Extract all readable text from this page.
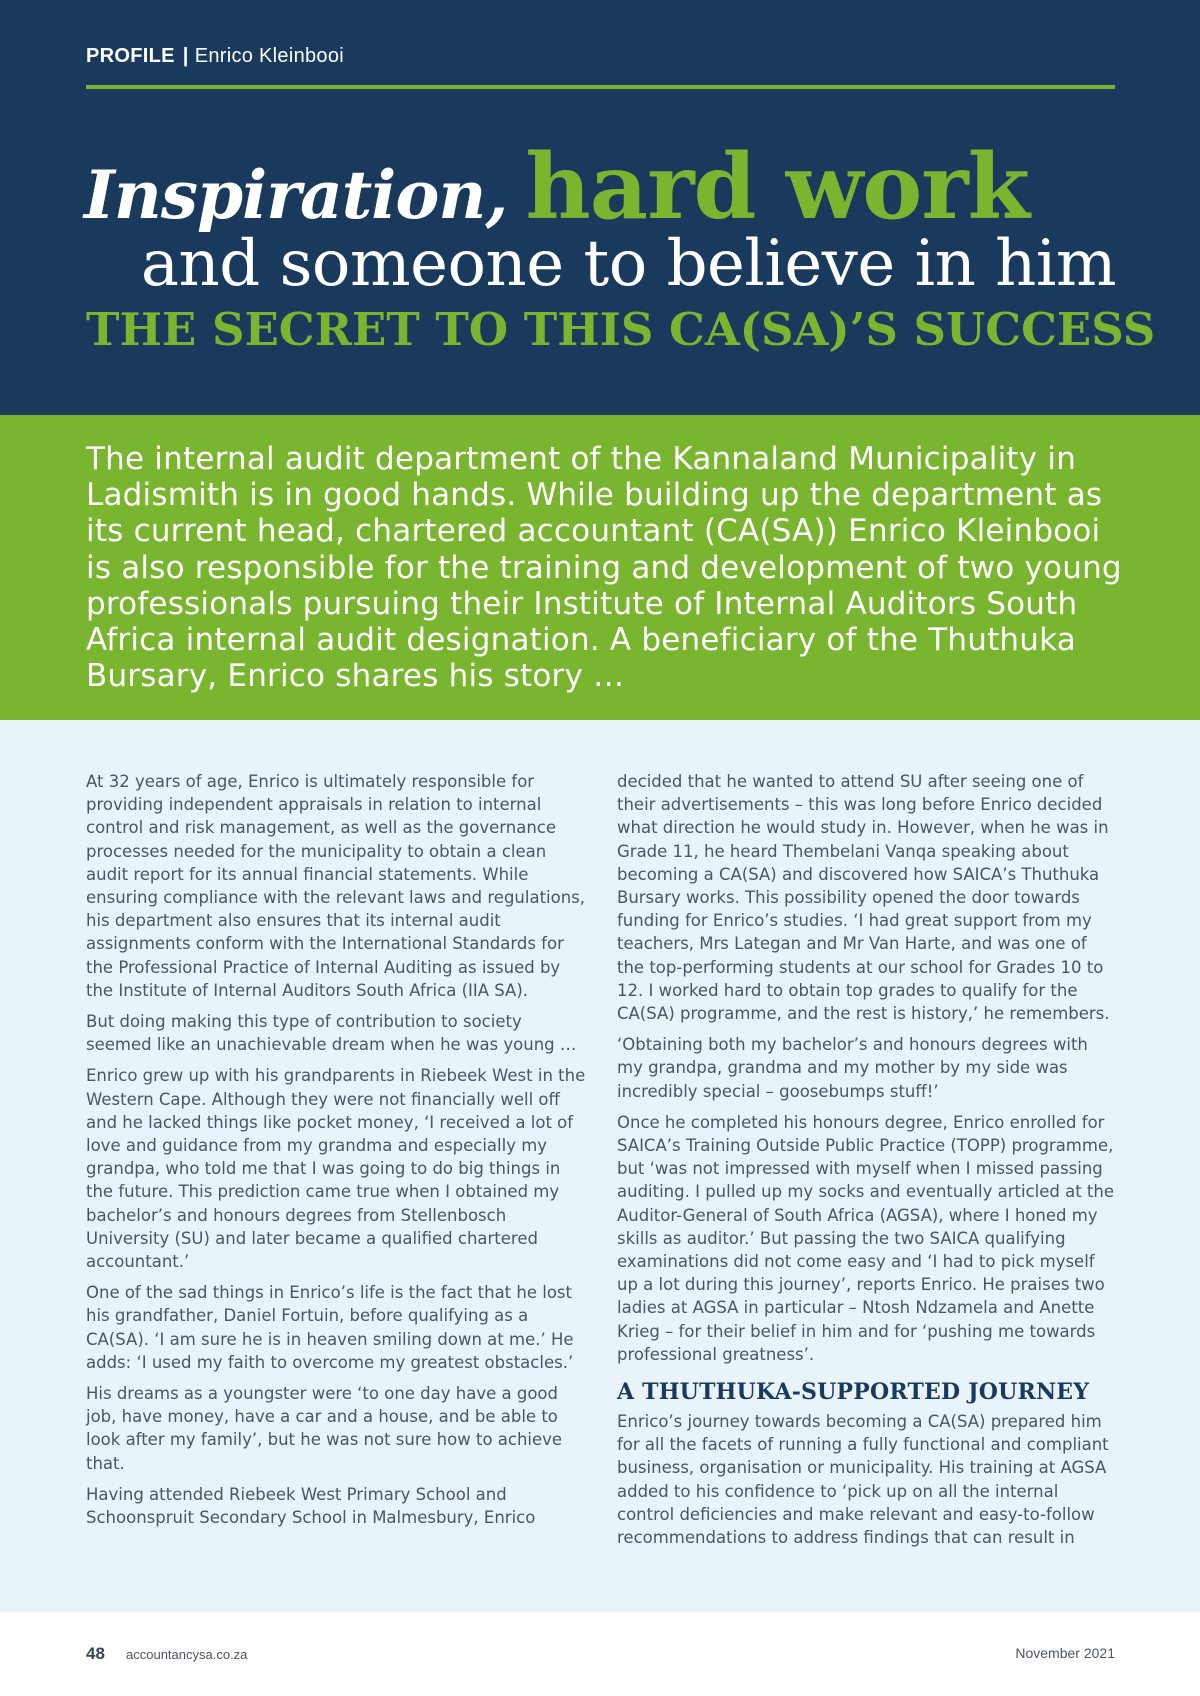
PROFILE | Enrico Kleinbooi
Inspiration, hard work
and someone to believe in him
THE SECRET TO THIS CA(SA)’S SUCCESS

The internal audit department of the Kannaland Municipality in Ladismith is in good hands. While building up the department as its current head, chartered accountant (CA(SA)) Enrico Kleinbooi is also responsible for the training and development of two young professionals pursuing their Institute of Internal Auditors South Africa internal audit designation. A beneficiary of the Thuthuka Bursary, Enrico shares his story …

At 32 years of age, Enrico is ultimately responsible for providing independent appraisals in relation to internal control and risk management, as well as the governance processes needed for the municipality to obtain a clean audit report for its annual financial statements. While ensuring compliance with the relevant laws and regulations, his department also ensures that its internal audit assignments conform with the International Standards for the Professional Practice of Internal Auditing as issued by the Institute of Internal Auditors South Africa (IIA SA).

But doing making this type of contribution to society seemed like an unachievable dream when he was young …

Enrico grew up with his grandparents in Riebeek West in the Western Cape. Although they were not financially well off and he lacked things like pocket money, ‘I received a lot of love and guidance from my grandma and especially my grandpa, who told me that I was going to do big things in the future. This prediction came true when I obtained my bachelor’s and honours degrees from Stellenbosch University (SU) and later became a qualified chartered accountant.’

One of the sad things in Enrico’s life is the fact that he lost his grandfather, Daniel Fortuin, before qualifying as a CA(SA). ‘I am sure he is in heaven smiling down at me.’ He adds: ‘I used my faith to overcome my greatest obstacles.’

His dreams as a youngster were ‘to one day have a good job, have money, have a car and a house, and be able to look after my family’, but he was not sure how to achieve that.

Having attended Riebeek West Primary School and Schoonspruit Secondary School in Malmesbury, Enrico

decided that he wanted to attend SU after seeing one of their advertisements – this was long before Enrico decided what direction he would study in. However, when he was in Grade 11, he heard Thembelani Vanqa speaking about becoming a CA(SA) and discovered how SAICA’s Thuthuka Bursary works. This possibility opened the door towards funding for Enrico’s studies. ‘I had great support from my teachers, Mrs Lategan and Mr Van Harte, and was one of the top-performing students at our school for Grades 10 to 12. I worked hard to obtain top grades to qualify for the CA(SA) programme, and the rest is history,’ he remembers.

‘Obtaining both my bachelor’s and honours degrees with my grandpa, grandma and my mother by my side was incredibly special – goosebumps stuff!’

Once he completed his honours degree, Enrico enrolled for SAICA’s Training Outside Public Practice (TOPP) programme, but ‘was not impressed with myself when I missed passing auditing. I pulled up my socks and eventually articled at the Auditor-General of South Africa (AGSA), where I honed my skills as auditor.’ But passing the two SAICA qualifying examinations did not come easy and ‘I had to pick myself up a lot during this journey’, reports Enrico. He praises two ladies at AGSA in particular – Ntosh Ndzamela and Anette Krieg – for their belief in him and for ‘pushing me towards professional greatness’.

A THUTHUKA-SUPPORTED JOURNEY

Enrico’s journey towards becoming a CA(SA) prepared him for all the facets of running a fully functional and compliant business, organisation or municipality. His training at AGSA added to his confidence to ‘pick up on all the internal control deficiencies and make relevant and easy-to-follow recommendations to address findings that can result in

48 accountancysa.co.za	November 2021
